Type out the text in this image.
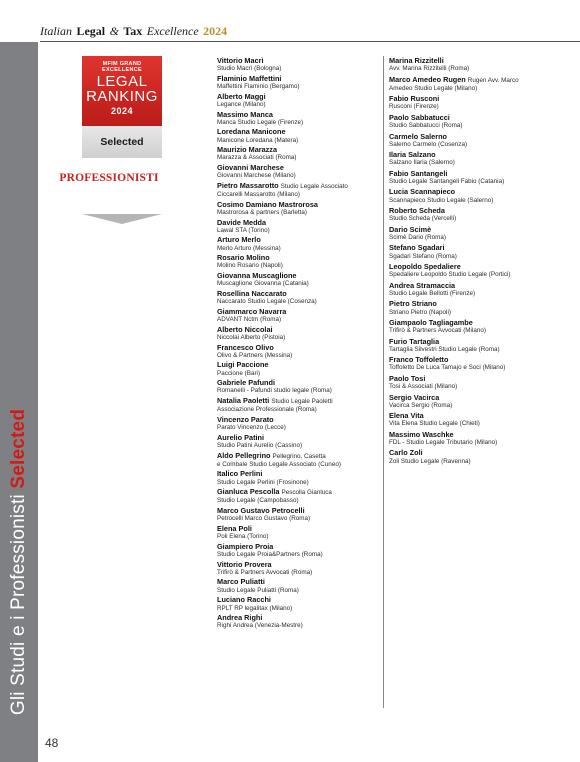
Italian Legal & Tax Excellence 2024
Gli Studi e i Professionisti Selected
MFIM GRAND EXCELLENCE
LEGAL
RANKING
2024
Selected
PROFESSIONISTI
Vittorio Macrì
Studio Macrì (Bologna)
Flaminio Maffettini
Maffettini Flaminio (Bergamo)
Alberto Maggi
Legance (Milano)
Massimo Manca
Manca Studio Legale (Firenze)
Loredana Manicone
Manicone Loredana (Matera)
Maurizio Marazza
Marazza & Associati (Roma)
Giovanni Marchese
Giovanni Marchese (Milano)
Pietro Massarotto Studio Legale Associato
Ciccarelli Massarotto (Milano)
Cosimo Damiano Mastrorosa
Mastrorosa & partners (Barletta)
Davide Medda
Lawal STA (Torino)
Arturo Merlo
Merlo Arturo (Messina)
Rosario Molino
Molino Rosario (Napoli)
Giovanna Muscaglione
Muscaglione Giovanna (Catania)
Rosellina Naccarato
Naccarato Studio Legale (Cosenza)
Giammarco Navarra
ADVANT Nctm (Roma)
Alberto Niccolai
Niccolai Alberto (Pistoia)
Francesco Olivo
Olivo & Partners (Messina)
Luigi Paccione
Paccione (Bari)
Gabriele Pafundi
Romanelli - Pafundi studio legale (Roma)
Natalia Paoletti Studio Legale Paoletti
Associazione Professionale (Roma)
Vincenzo Parato
Parato Vincenzo (Lecce)
Aurelio Patini
Studio Patini Aurelio (Cassino)
Aldo Pellegrino Pellegrino, Casetta
e Combale Studio Legale Associato (Cuneo)
Italico Perlini
Studio Legale Perlini (Frosinone)
Gianluca Pescolla Pescolla Gianluca
Studio Legale (Campobasso)
Marco Gustavo Petrocelli
Petrocelli Marco Gustavo (Roma)
Elena Poli
Poli Elena (Torino)
Giampiero Proia
Studio Legale Proia&Partners (Roma)
Vittorio Provera
Trifirò & Partners Avvocati (Roma)
Marco Puliatti
Studio Legale Puliatti (Roma)
Luciano Racchi
RPLT RP legalitax (Milano)
Andrea Righi
Righi Andrea (Venezia-Mestre)
Marina Rizzitelli
Avv. Marina Rizzitelli (Roma)
Marco Amedeo Rugen Rugen Avv. Marco
Amedeo Studio Legale (Milano)
Fabio Rusconi
Rusconi (Firenze)
Paolo Sabbatucci
Studio Sabbatucci (Roma)
Carmelo Salerno
Salerno Carmelo (Cosenza)
Ilaria Salzano
Salzano Ilaria (Salerno)
Fabio Santangeli
Studio Legale Santangeli Fabio (Catania)
Lucia Scannapieco
Scannapieco Studio Legale (Salerno)
Roberto Scheda
Studio Scheda (Vercelli)
Dario Scimè
Scimè Dario (Roma)
Stefano Sgadari
Sgadari Stefano (Roma)
Leopoldo Spedaliere
Spedaliere Leopoldo Studio Legale (Portici)
Andrea Stramaccia
Studio Legale Bellotti (Firenze)
Pietro Striano
Striano Pietro (Napoli)
Giampaolo Tagliagambe
Trifirò & Partners Avvocati (Milano)
Furio Tartaglia
Tartaglia Silvestri Studio Legale (Roma)
Franco Toffoletto
Toffoletto De Luca Tamajo e Soci (Milano)
Paolo Tosi
Tosi & Associati (Milano)
Sergio Vacirca
Vacirca Sergio (Roma)
Elena Vita
Vita Elena Studio Legale (Chieti)
Massimo Waschke
FDL - Studio Legale Tributario (Milano)
Carlo Zoli
Zoli Studio Legale (Ravenna)
48
